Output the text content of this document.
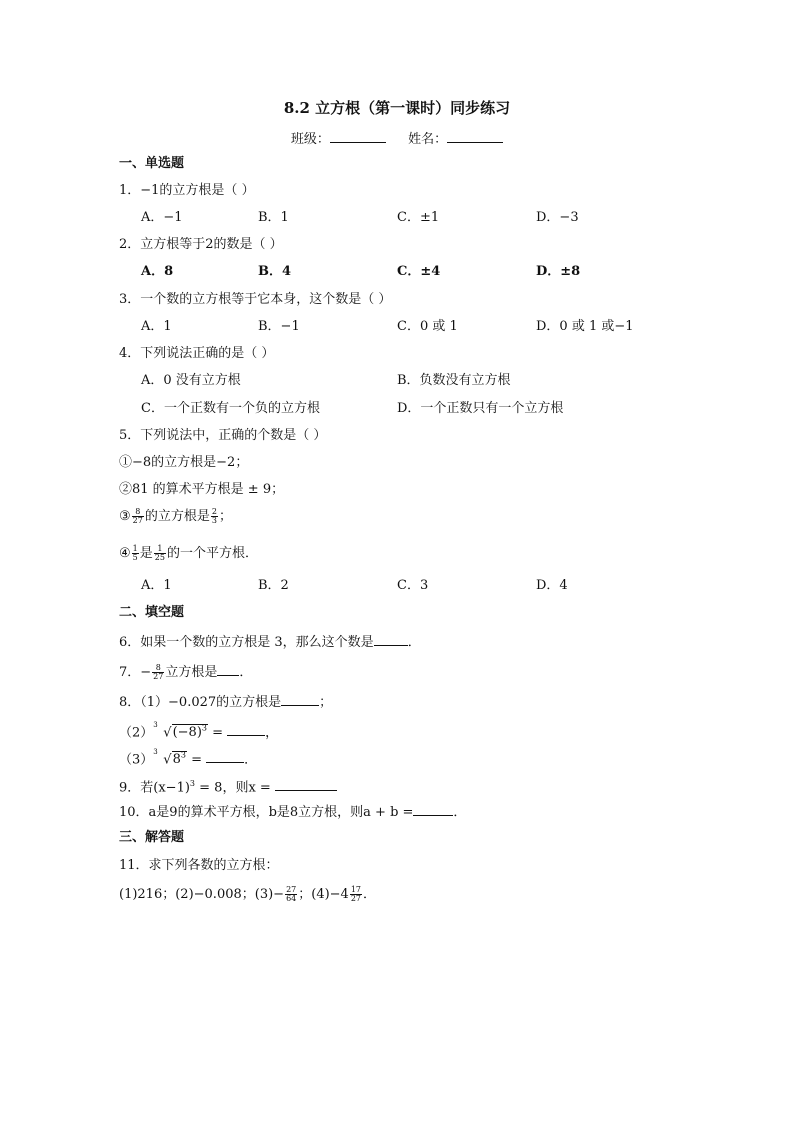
8.2 立方根（第一课时）同步练习
班级：	姓名：
一、单选题
1．−1的立方根是（ ）
A．−1	B．1	C．±1	D．−3
2．立方根等于2的数是（ ）
A．8	B．4	C．±4	D．±8
3．一个数的立方根等于它本身，这个数是（ ）
A．1	B．−1	C．0 或 1	D．0 或 1 或−1
4．下列说法正确的是（ ）
A．0 没有立方根	B．负数没有立方根
C．一个正数有一个负的立方根	D．一个正数只有一个立方根
5．下列说法中，正确的个数是（ ）
①−8的立方根是−2；
②81 的算术平方根是 ± 9；
③ $\frac{8}{27}$ 的立方根是 $\frac{2}{3}$ ；
④ $\frac{1}{5}$ 是 $\frac{1}{25}$ 的一个平方根．
A．1	B．2	C．3	D．4
二、填空题
6．如果一个数的立方根是 3，那么这个数是	．
7．− $\frac{8}{27}$ 立方根是 ．
8．（1）−0.027的立方根是	；
（2）
3
$√(-8)^3$ =	，
（3）
3
$√8^3$ =	．
9．若$(x-1)^3 = 8$，则x =
10．a是9的算术平方根，b是8立方根，则a + b =	．
三、解答题
11．求下列各数的立方根：
(1)216；(2)−0.008；$(3)- \frac{27}{64}$ ；$(4)-4 \frac{17}{27}$ ．
